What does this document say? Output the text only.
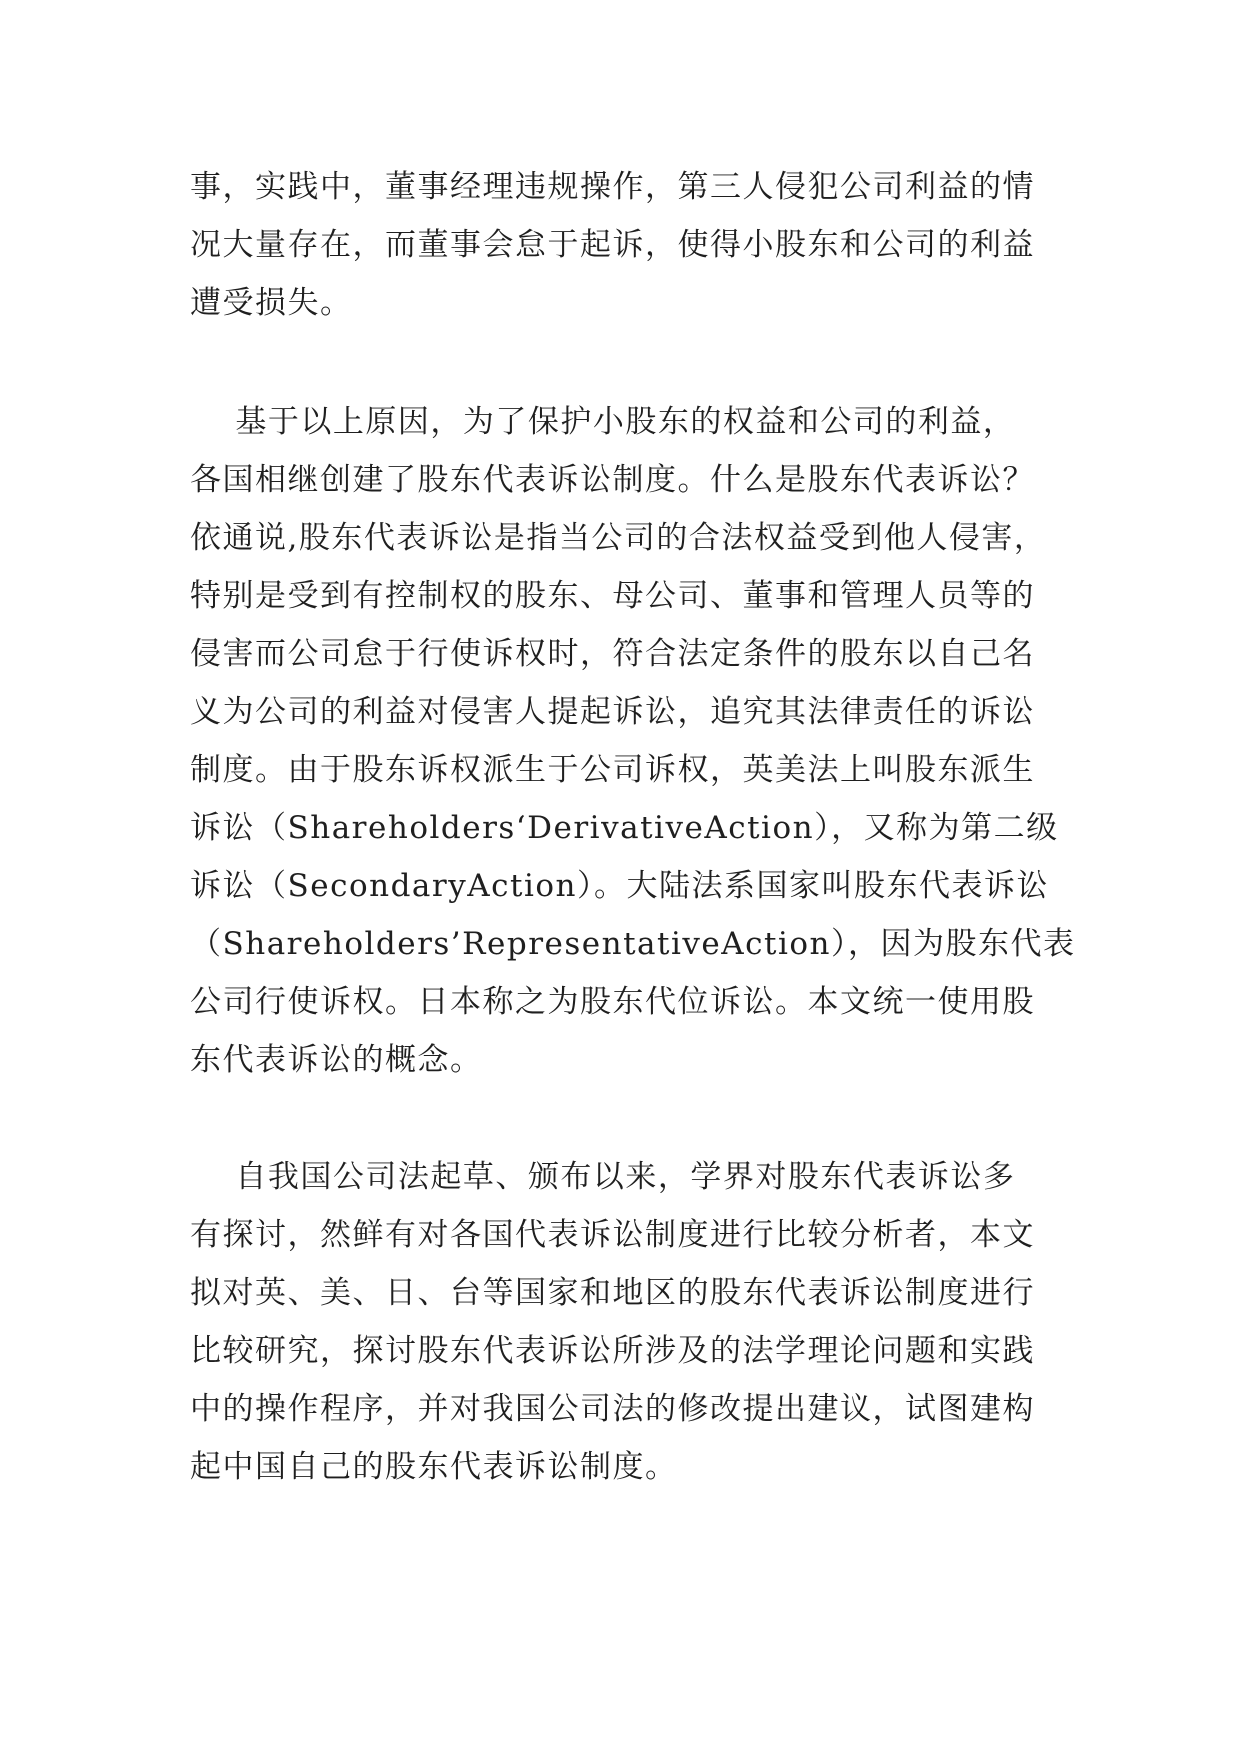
事，实践中，董事经理违规操作，第三人侵犯公司利益的情
况大量存在，而董事会怠于起诉，使得小股东和公司的利益
遭受损失。
基于以上原因，为了保护小股东的权益和公司的利益，
各国相继创建了股东代表诉讼制度。什么是股东代表诉讼？
依通说,股东代表诉讼是指当公司的合法权益受到他人侵害，
特别是受到有控制权的股东、母公司、董事和管理人员等的
侵害而公司怠于行使诉权时，符合法定条件的股东以自己名
义为公司的利益对侵害人提起诉讼，追究其法律责任的诉讼
制度。由于股东诉权派生于公司诉权，英美法上叫股东派生
诉讼（Shareholders‘DerivativeAction），又称为第二级
诉讼（SecondaryAction）。大陆法系国家叫股东代表诉讼
（Shareholders’RepresentativeAction），因为股东代表
公司行使诉权。日本称之为股东代位诉讼。本文统一使用股
东代表诉讼的概念。
自我国公司法起草、颁布以来，学界对股东代表诉讼多
有探讨，然鲜有对各国代表诉讼制度进行比较分析者，本文
拟对英、美、日、台等国家和地区的股东代表诉讼制度进行
比较研究，探讨股东代表诉讼所涉及的法学理论问题和实践
中的操作程序，并对我国公司法的修改提出建议，试图建构
起中国自己的股东代表诉讼制度。
